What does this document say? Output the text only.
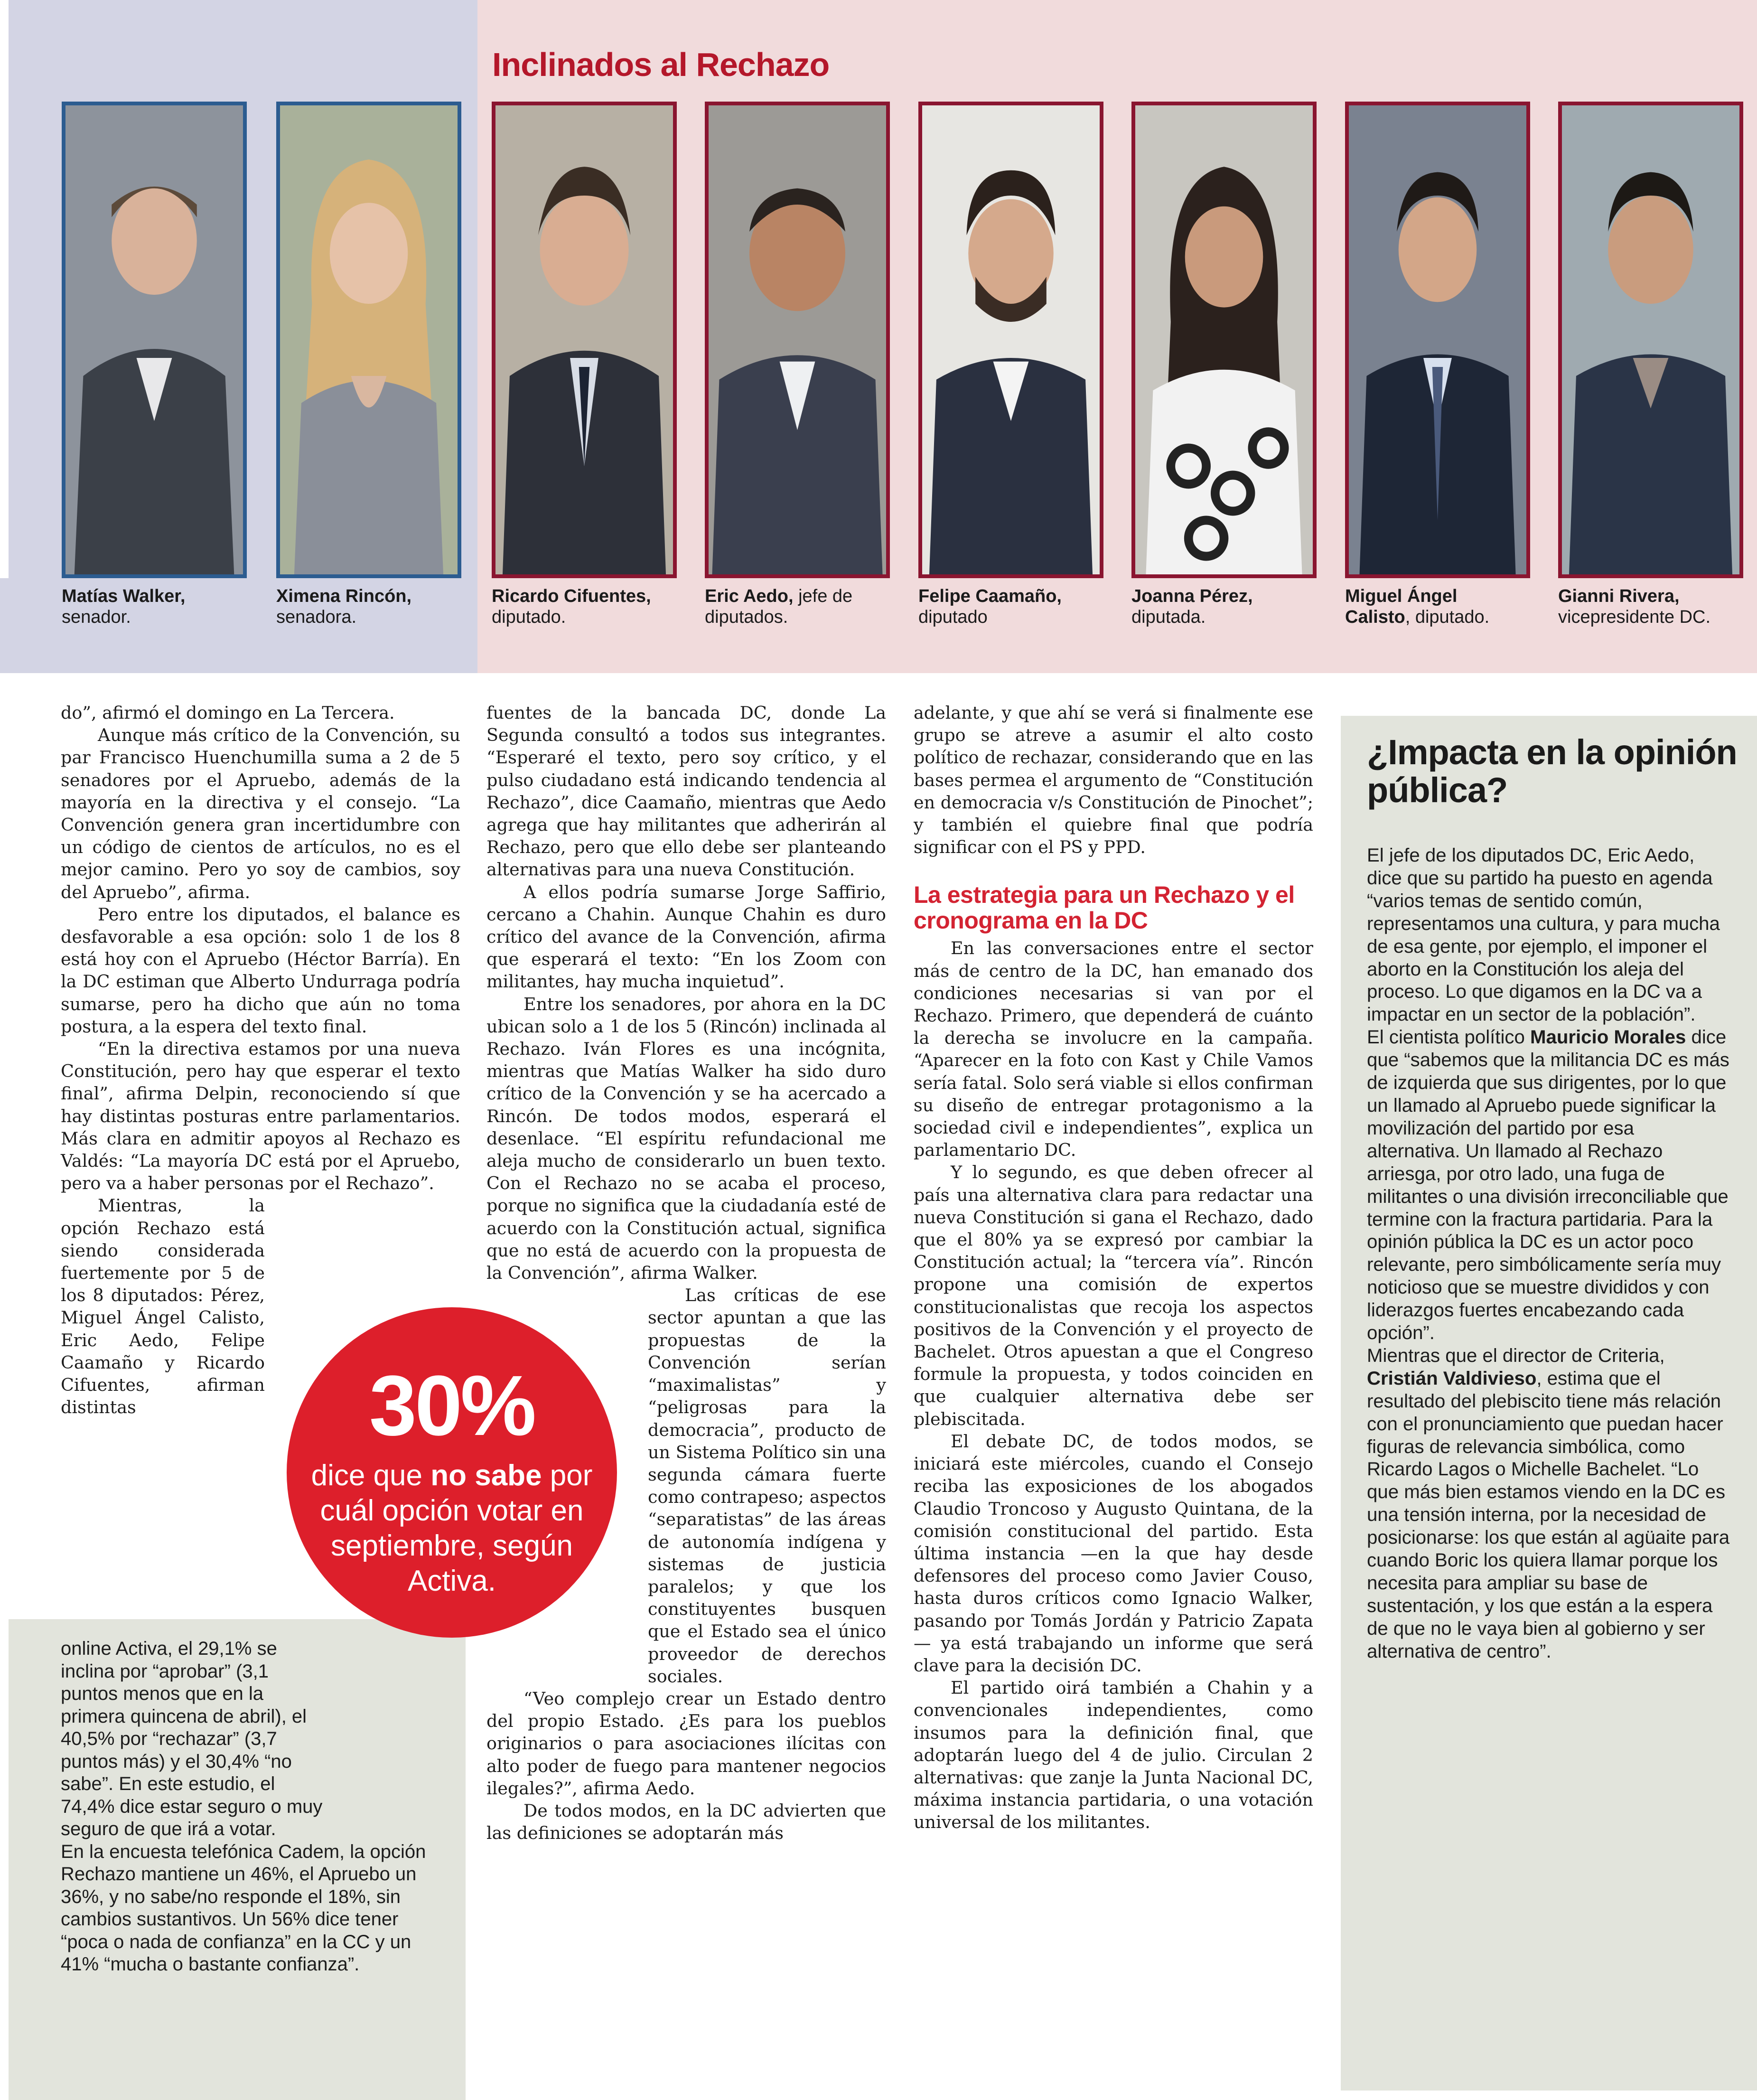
Inclinados al Rechazo
Matías Walker,
senador.
Ximena Rincón,
senadora.
Ricardo Cifuentes,
diputado.
Eric Aedo, jefe de
diputados.
Felipe Caamaño,
diputado
Joanna Pérez,
diputada.
Miguel Ángel
Calisto, diputado.
Gianni Rivera,
vicepresidente DC.

do”, afirmó el domingo en La Tercera.

Aunque más crítico de la Convención, su par Francisco Huenchumilla suma a 2 de 5 senadores por el Apruebo, además de la mayoría en la directiva y el consejo. “La Convención genera gran incertidumbre con un código de cientos de artículos, no es el mejor camino. Pero yo soy de cambios, soy del Apruebo”, afirma.

Pero entre los diputados, el balance es desfavorable a esa opción: solo 1 de los 8 está hoy con el Apruebo (Héctor Barría). En la DC estiman que Alberto Undurraga podría sumarse, pero ha dicho que aún no toma postura, a la espera del texto final.

“En la directiva estamos por una nueva Constitución, pero hay que esperar el texto final”, afirma Delpin, reconociendo sí que hay distintas posturas entre parlamentarios. Más clara en admitir apoyos al Rechazo es Valdés: “La mayoría DC está por el Apruebo, pero va a haber personas por el Rechazo”.

Mientras, la opción Rechazo está siendo considerada fuertemente por 5 de los 8 diputados: Pérez, Miguel Ángel Calisto, Eric Aedo, Felipe Caamaño y Ricardo Cifuentes, afirman distintas

online Activa, el 29,1% se inclina por “aprobar” (3,1 puntos menos que en la primera quincena de abril), el 40,5% por “rechazar” (3,7 puntos más) y el 30,4% “no sabe”. En este estudio, el 74,4% dice estar seguro o muy seguro de que irá a votar.

En la encuesta telefónica Cadem, la opción Rechazo mantiene un 46%, el Apruebo un 36%, y no sabe/no responde el 18%, sin cambios sustantivos. Un 56% dice tener “poca o nada de confianza” en la CC y un 41% “mucha o bastante confianza”.

fuentes de la bancada DC, donde La Segunda consultó a todos sus integrantes. “Esperaré el texto, pero soy crítico, y el pulso ciudadano está indicando tendencia al Rechazo”, dice Caamaño, mientras que Aedo agrega que hay militantes que adherirán al Rechazo, pero que ello debe ser planteando alternativas para una nueva Constitución.

A ellos podría sumarse Jorge Saffirio, cercano a Chahin. Aunque Chahin es duro crítico del avance de la Convención, afirma que esperará el texto: “En los Zoom con militantes, hay mucha inquietud”.

Entre los senadores, por ahora en la DC ubican solo a 1 de los 5 (Rincón) inclinada al Rechazo. Iván Flores es una incógnita, mientras que Matías Walker ha sido duro crítico de la Convención y se ha acercado a Rincón. De todos modos, esperará el desenlace. “El espíritu refundacional me aleja mucho de considerarlo un buen texto. Con el Rechazo no se acaba el proceso, porque no significa que la ciudadanía esté de acuerdo con la Constitución actual, significa que no está de acuerdo con la propuesta de la Convención”, afirma Walker.

Las críticas de ese sector apuntan a que las propuestas de la Convención serían “maximalistas” y “peligrosas para la democracia”, producto de un Sistema Político sin una segunda cámara fuerte como contrapeso; aspectos “separatistas” de las áreas de autonomía indígena y sistemas de justicia paralelos; y que los constituyentes busquen que el Estado sea el único proveedor de derechos sociales.

“Veo complejo crear un Estado dentro del propio Estado. ¿Es para los pueblos originarios o para asociaciones ilícitas con alto poder de fuego para mantener negocios ilegales?”, afirma Aedo.

De todos modos, en la DC advierten que las definiciones se adoptarán más

adelante, y que ahí se verá si finalmente ese grupo se atreve a asumir el alto costo político de rechazar, considerando que en las bases permea el argumento de “Constitución en democracia v/s Constitución de Pinochet”; y también el quiebre final que podría significar con el PS y PPD.

La estrategia para un Rechazo y el cronograma en la DC

En las conversaciones entre el sector más de centro de la DC, han emanado dos condiciones necesarias si van por el Rechazo. Primero, que dependerá de cuánto la derecha se involucre en la campaña. “Aparecer en la foto con Kast y Chile Vamos sería fatal. Solo será viable si ellos confirman su diseño de entregar protagonismo a la sociedad civil e independientes”, explica un parlamentario DC.

Y lo segundo, es que deben ofrecer al país una alternativa clara para redactar una nueva Constitución si gana el Rechazo, dado que el 80% ya se expresó por cambiar la Constitución actual; la “tercera vía”. Rincón propone una comisión de expertos constitucionalistas que recoja los aspectos positivos de la Convención y el proyecto de Bachelet. Otros apuestan a que el Congreso formule la propuesta, y todos coinciden en que cualquier alternativa debe ser plebiscitada.

El debate DC, de todos modos, se iniciará este miércoles, cuando el Consejo reciba las exposiciones de los abogados Claudio Troncoso y Augusto Quintana, de la comisión constitucional del partido. Esta última instancia —en la que hay desde defensores del proceso como Javier Couso, hasta duros críticos como Ignacio Walker, pasando por Tomás Jordán y Patricio Zapata— ya está trabajando un informe que será clave para la decisión DC.

El partido oirá también a Chahin y a convencionales independientes, como insumos para la definición final, que adoptarán luego del 4 de julio. Circulan 2 alternativas: que zanje la Junta Nacional DC, máxima instancia partidaria, o una votación universal de los militantes.

¿Impacta en la opinión pública?

El jefe de los diputados DC, Eric Aedo, dice que su partido ha puesto en agenda “varios temas de sentido común, representamos una cultura, y para mucha de esa gente, por ejemplo, el imponer el aborto en la Constitución los aleja del proceso. Lo que digamos en la DC va a impactar en un sector de la población”.

El cientista político Mauricio Morales dice que “sabemos que la militancia DC es más de izquierda que sus dirigentes, por lo que un llamado al Apruebo puede significar la movilización del partido por esa alternativa. Un llamado al Rechazo arriesga, por otro lado, una fuga de militantes o una división irreconciliable que termine con la fractura partidaria. Para la opinión pública la DC es un actor poco relevante, pero simbólicamente sería muy noticioso que se muestre divididos y con liderazgos fuertes encabezando cada opción”.

Mientras que el director de Criteria, Cristián Valdivieso, estima que el resultado del plebiscito tiene más relación con el pronunciamiento que puedan hacer figuras de relevancia simbólica, como Ricardo Lagos o Michelle Bachelet. “Lo que más bien estamos viendo en la DC es una tensión interna, por la necesidad de posicionarse: los que están al agüaite para cuando Boric los quiera llamar porque los necesita para ampliar su base de sustentación, y los que están a la espera de que no le vaya bien al gobierno y ser alternativa de centro”.

30%
dice que no sabe por cuál opción votar en septiembre, según Activa.
